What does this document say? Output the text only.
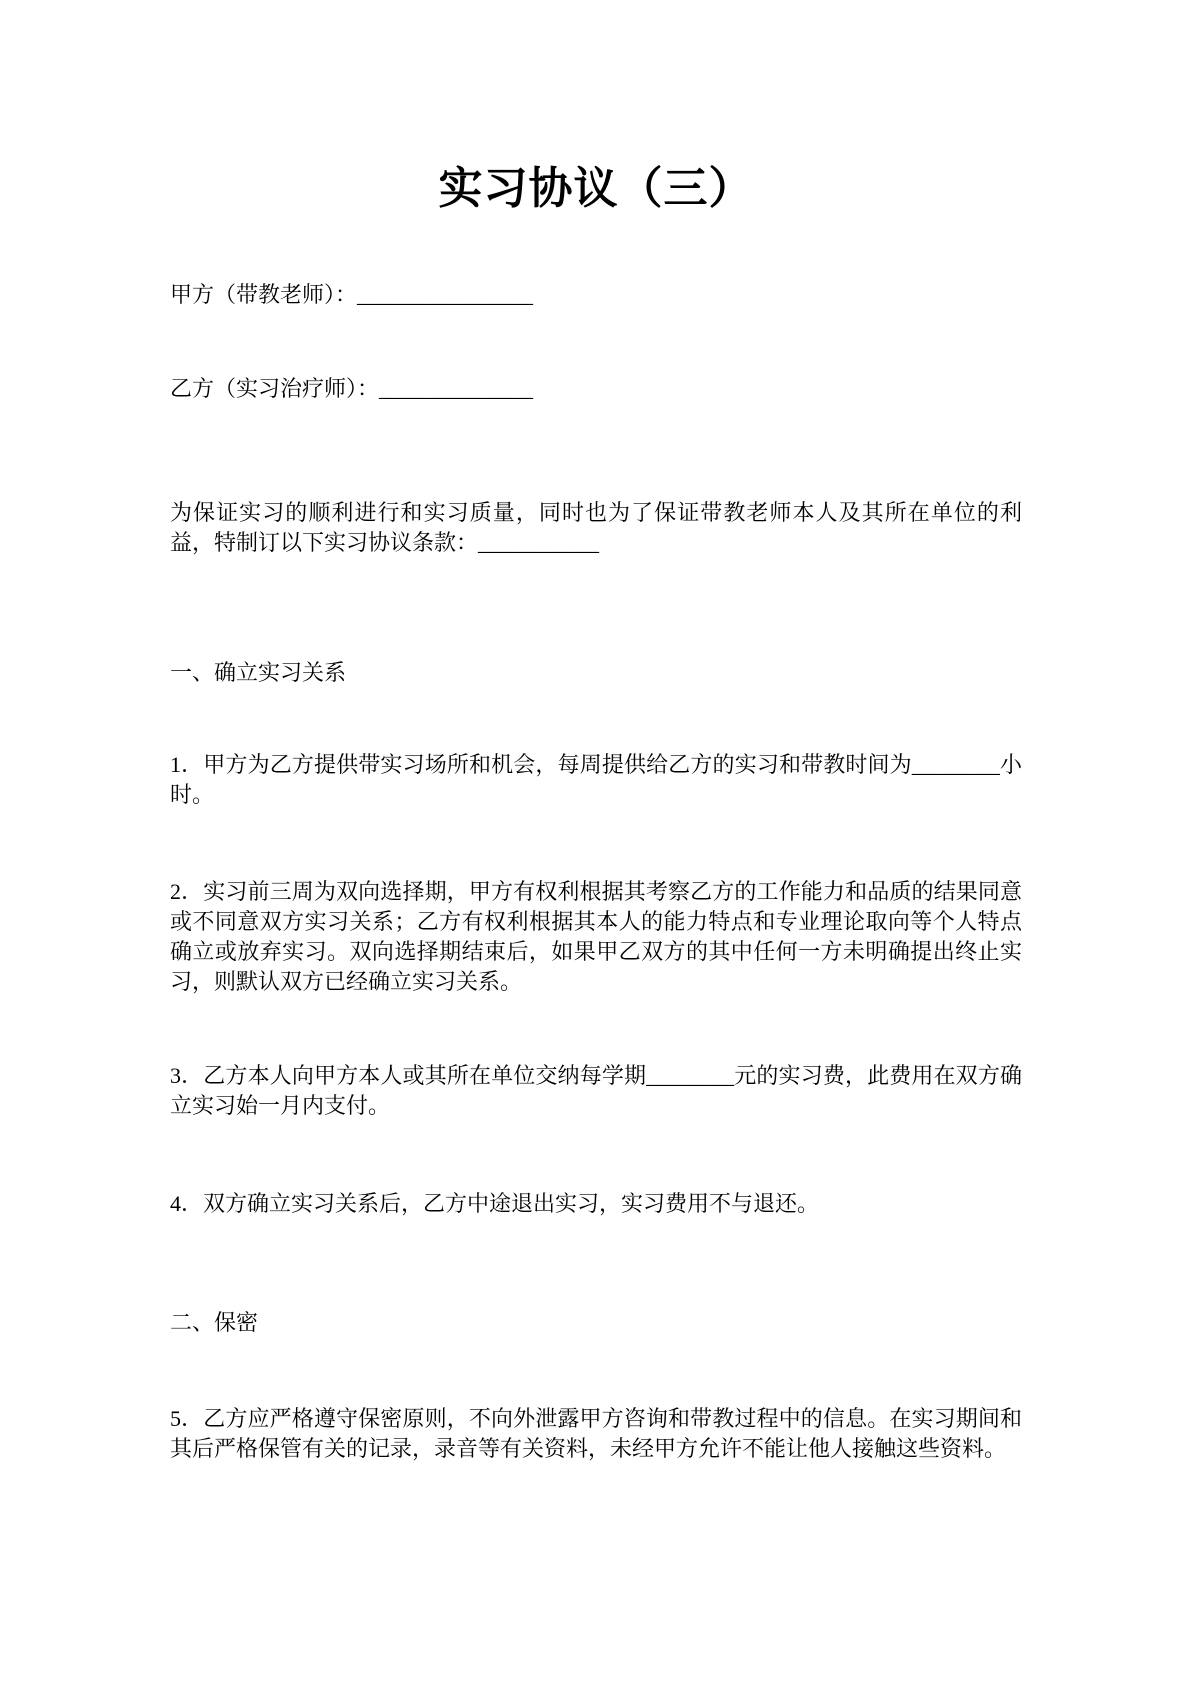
实习协议（三）

甲方（带教老师）：________________

乙方（实习治疗师）：______________

为保证实习的顺利进行和实习质量，同时也为了保证带教老师本人及其所在单位的利益，特制订以下实习协议条款：___________

一、确立实习关系

1．甲方为乙方提供带实习场所和机会，每周提供给乙方的实习和带教时间为________小时。

2．实习前三周为双向选择期，甲方有权利根据其考察乙方的工作能力和品质的结果同意或不同意双方实习关系；乙方有权利根据其本人的能力特点和专业理论取向等个人特点确立或放弃实习。双向选择期结束后，如果甲乙双方的其中任何一方未明确提出终止实习，则默认双方已经确立实习关系。

3．乙方本人向甲方本人或其所在单位交纳每学期________元的实习费，此费用在双方确立实习始一月内支付。

4．双方确立实习关系后，乙方中途退出实习，实习费用不与退还。

二、保密

5．乙方应严格遵守保密原则，不向外泄露甲方咨询和带教过程中的信息。在实习期间和其后严格保管有关的记录，录音等有关资料，未经甲方允许不能让他人接触这些资料。
